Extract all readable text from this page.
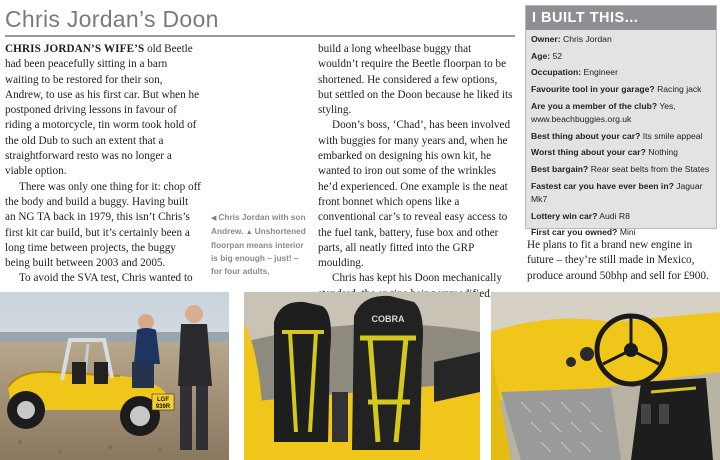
Chris Jordan’s Doon

CHRIS JORDAN’S WIFE’S old Beetle had been peacefully sitting in a barn waiting to be restored for their son, Andrew, to use as his first car. But when he postponed driving lessons in favour of riding a motorcycle, tin worm took hold of the old Dub to such an extent that a straightforward resto was no longer a viable option.

There was only one thing for it: chop off the body and build a buggy. Having built an NG TA back in 1979, this isn’t Chris’s first kit car build, but it’s certainly been a long time between projects, the buggy being built between 2003 and 2005.

To avoid the SVA test, Chris wanted to

◀ Chris Jordan with son Andrew. ▲ Unshortened floorpan means interior is big enough – just! – for four adults.

build a long wheelbase buggy that wouldn’t require the Beetle floorpan to be shortened. He considered a few options, but settled on the Doon because he liked its styling.

Doon’s boss, ‘Chad’, has been involved with buggies for many years and, when he embarked on designing his own kit, he wanted to iron out some of the wrinkles he’d experienced. One example is the neat front bonnet which opens like a conventional car’s to reveal easy access to the fuel tank, battery, fuse box and other parts, all neatly fitted into the GRP moulding.

Chris has kept his Doon mechanically

I BUILT THIS...
Owner: Chris Jordan
Age: 52
Occupation: Engineer
Favourite tool in your garage? Racing jack
Are you a member of the club? Yes, www.beachbuggies.org.uk
Best thing about your car? Its smile appeal
Worst thing about your car? Nothing
Best bargain? Rear seat belts from the States
Fastest car you have ever been in? Jaguar Mk7
Lottery win car? Audi R8
First car you owned? Mini
He plans to fit a brand new engine in future – they’re still made in Mexico, produce around 50bhp and sell for £900.
LGF
939R
COBRA
